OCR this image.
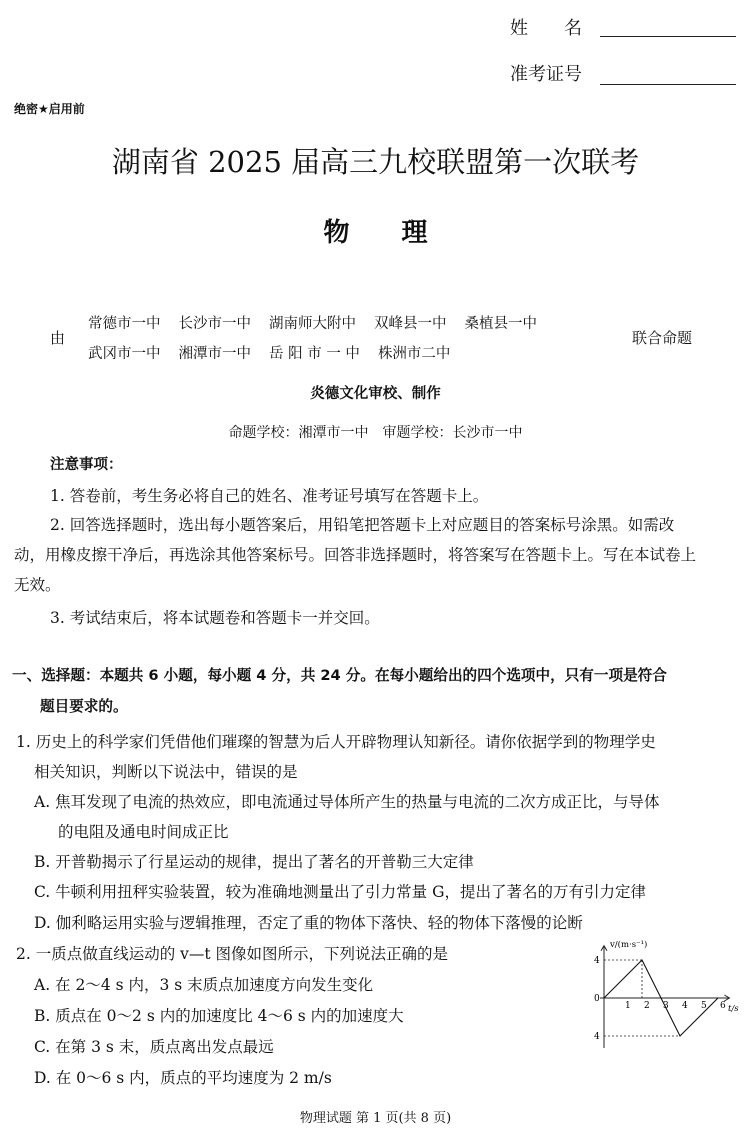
姓　　名
准考证号
绝密★启用前
湖南省 2025 届高三九校联盟第一次联考
物　　理
由
常德市一中 长沙市一中 湖南师大附中 双峰县一中 桑植县一中
武冈市一中 湘潭市一中 岳 阳 市 一 中 株洲市二中
联合命题
炎德文化审校、制作
命题学校：湘潭市一中　审题学校：长沙市一中
注意事项：
1. 答卷前，考生务必将自己的姓名、准考证号填写在答题卡上。
2. 回答选择题时，选出每小题答案后，用铅笔把答题卡上对应题目的答案标号涂黑。如需改
动，用橡皮擦干净后，再选涂其他答案标号。回答非选择题时，将答案写在答题卡上。写在本试卷上
无效。
3. 考试结束后，将本试题卷和答题卡一并交回。
一、选择题：本题共 6 小题，每小题 4 分，共 24 分。在每小题给出的四个选项中，只有一项是符合
题目要求的。
1. 历史上的科学家们凭借他们璀璨的智慧为后人开辟物理认知新径。请你依据学到的物理学史
相关知识，判断以下说法中，错误的是
A. 焦耳发现了电流的热效应，即电流通过导体所产生的热量与电流的二次方成正比，与导体
的电阻及通电时间成正比
B. 开普勒揭示了行星运动的规律，提出了著名的开普勒三大定律
C. 牛顿利用扭秤实验装置，较为准确地测量出了引力常量 G，提出了著名的万有引力定律
D. 伽利略运用实验与逻辑推理，否定了重的物体下落快、轻的物体下落慢的论断
2. 一质点做直线运动的 v—t 图像如图所示，下列说法正确的是
A. 在 2～4 s 内，3 s 末质点加速度方向发生变化
B. 质点在 0～2 s 内的加速度比 4～6 s 内的加速度大
C. 在第 3 s 末，质点离出发点最远
D. 在 0～6 s 内，质点的平均速度为 2 m/s
1 2 3 4 5 6
4
0
4
v/(m·s⁻¹)
t/s
物理试题 第 1 页(共 8 页)
